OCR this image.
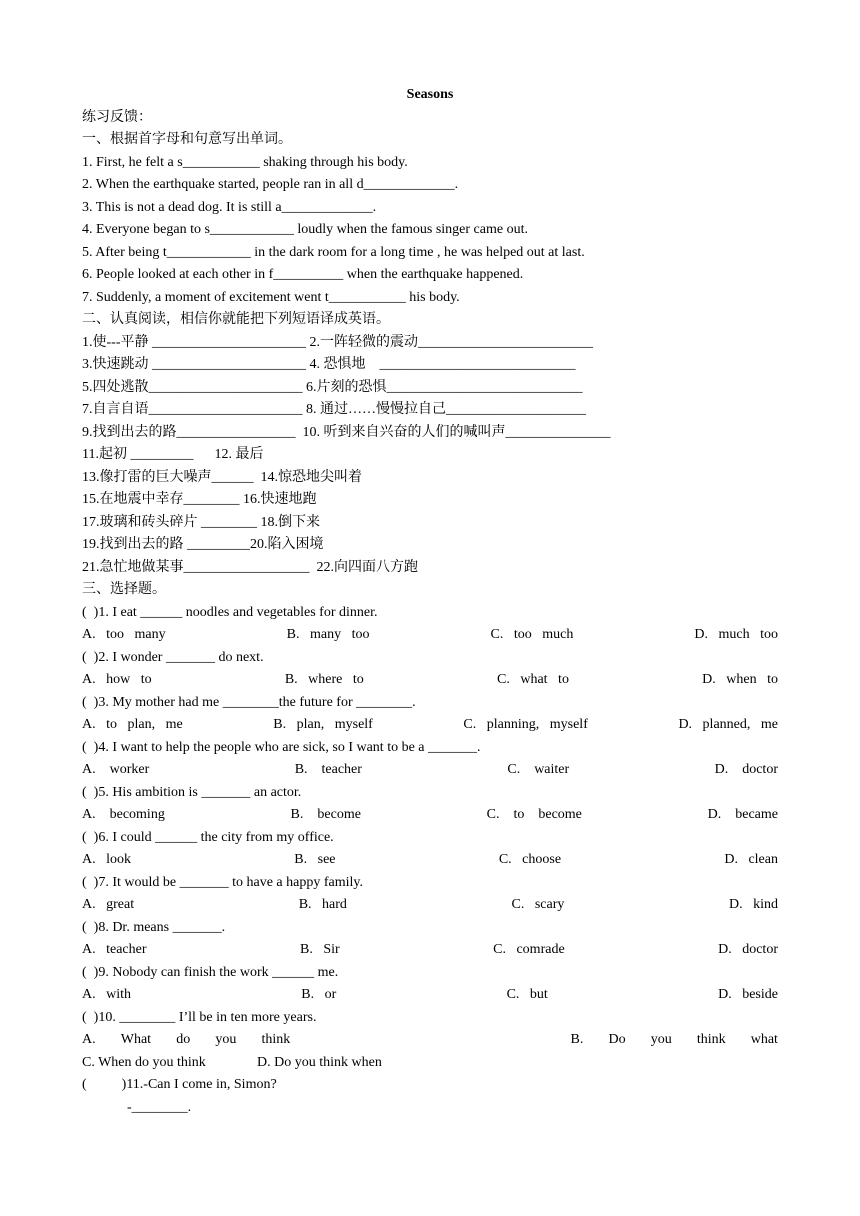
Seasons
练习反馈：
一、根据首字母和句意写出单词。
1. First, he felt a s___________ shaking through his body.
2. When the earthquake started, people ran in all d_____________.
3. This is not a dead dog. It is still a_____________.
4. Everyone began to s____________ loudly when the famous singer came out.
5. After being t____________ in the dark room for a long time , he was helped out at last.
6. People looked at each other in f__________ when the earthquake happened.
7. Suddenly, a moment of excitement went t___________ his body.
二、认真阅读，相信你就能把下列短语译成英语。
1.使---平静 ______________________ 2.一阵轻微的震动_________________________
3.快速跳动 ______________________ 4. 恐惧地    ____________________________
5.四处逃散______________________ 6.片刻的恐惧____________________________
7.自言自语______________________ 8. 通过……慢慢拉自己____________________
9.找到出去的路_________________ 10. 听到来自兴奋的人们的喊叫声_______________
11.起初 _________ 12. 最后
13.像打雷的巨大噪声______ 14.惊恐地尖叫着
15.在地震中幸存________ 16.快速地跑
17.玻璃和砖头碎片 ________ 18.倒下来
19.找到出去的路 _________ 20.陷入困境
21.急忙地做某事__________________ 22.向四面八方跑
三、选择题。
(  )1. I eat ______ noodles and vegetables for dinner.
A.   too   many	B.   many   too	C.   too   much	D.   much   too
(  )2. I wonder _______ do next.
A.   how   to	B.   where   to	C.   what   to	D.   when   to
(  )3. My mother had me ________the future for ________.
A.   to   plan,   me	B.   plan,   myself	C.   planning,   myself	D.   planned,   me
(  )4. I want to help the people who are sick, so I want to be a _______.
A.    worker	B.    teacher	C.    waiter	D.    doctor
(  )5. His ambition is _______ an actor.
A.    becoming	B.    become	C.    to    become	D.    became
(  )6. I could ______ the city from my office.
A.   look	B.   see	C.   choose	D.   clean
(  )7. It would be _______ to have a happy family.
A.   great	B.   hard	C.   scary	D.   kind
(  )8. Dr. means _______.
A.   teacher	B.   Sir	C.   comrade	D.   doctor
(  )9. Nobody can finish the work ______ me.
A.   with	B.   or	C.   but	D.   beside
(  )10. ________ I’ll be in ten more years.
A. What do you think	B. Do you think what
C. When do you think	D. Do you think when
(          )11.-Can I come in, Simon?
-________.
